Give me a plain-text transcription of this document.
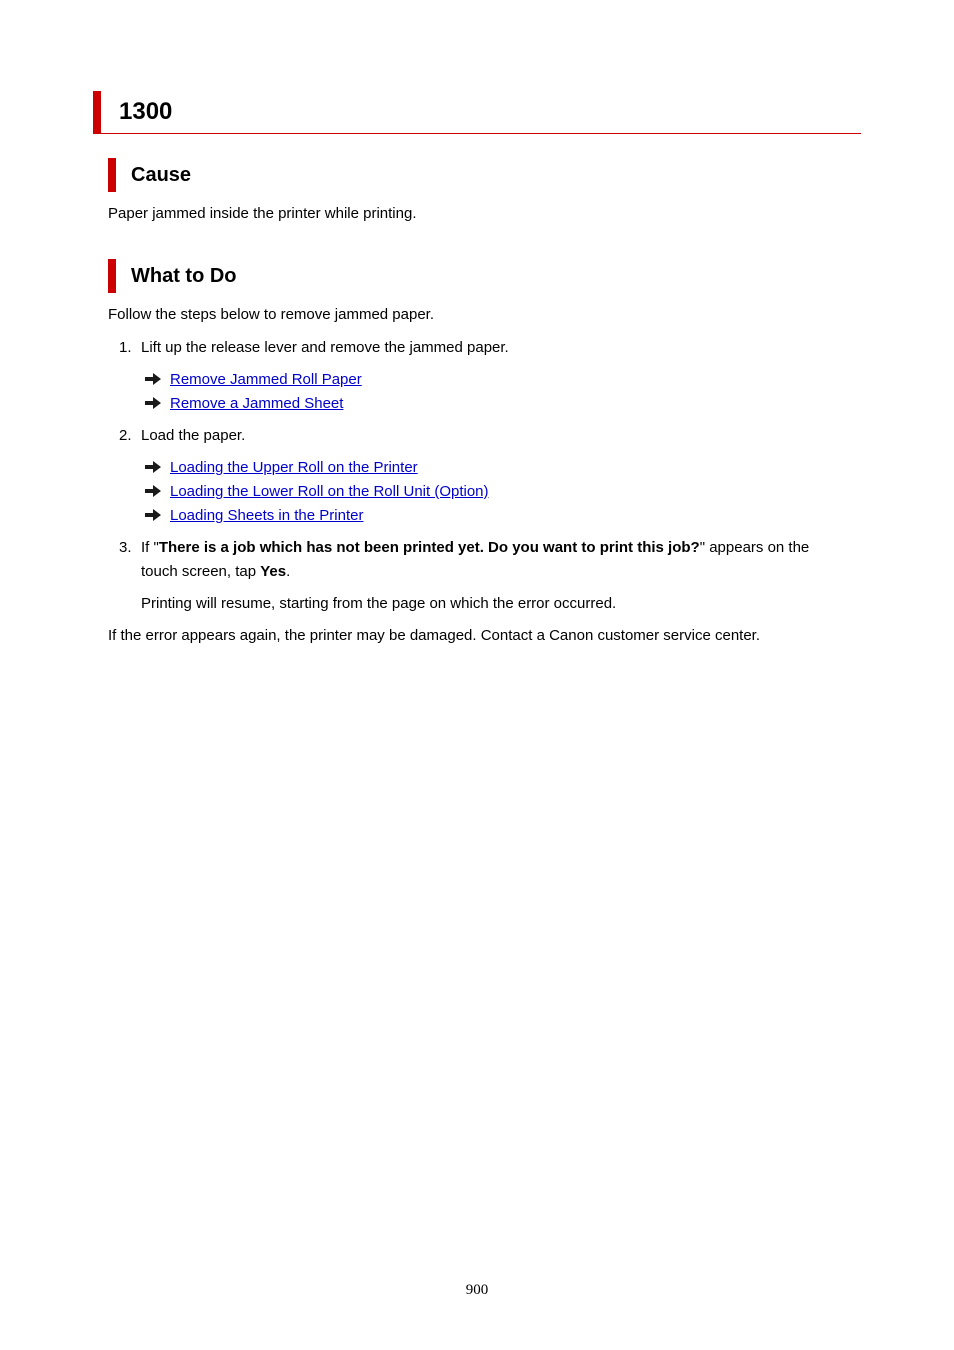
1300
Cause
Paper jammed inside the printer while printing.
What to Do
Follow the steps below to remove jammed paper.
1. Lift up the release lever and remove the jammed paper.
Remove Jammed Roll Paper
Remove a Jammed Sheet
2. Load the paper.
Loading the Upper Roll on the Printer
Loading the Lower Roll on the Roll Unit (Option)
Loading Sheets in the Printer
3. If "There is a job which has not been printed yet. Do you want to print this job?" appears on the
touch screen, tap Yes.
Printing will resume, starting from the page on which the error occurred.
If the error appears again, the printer may be damaged. Contact a Canon customer service center.
900
